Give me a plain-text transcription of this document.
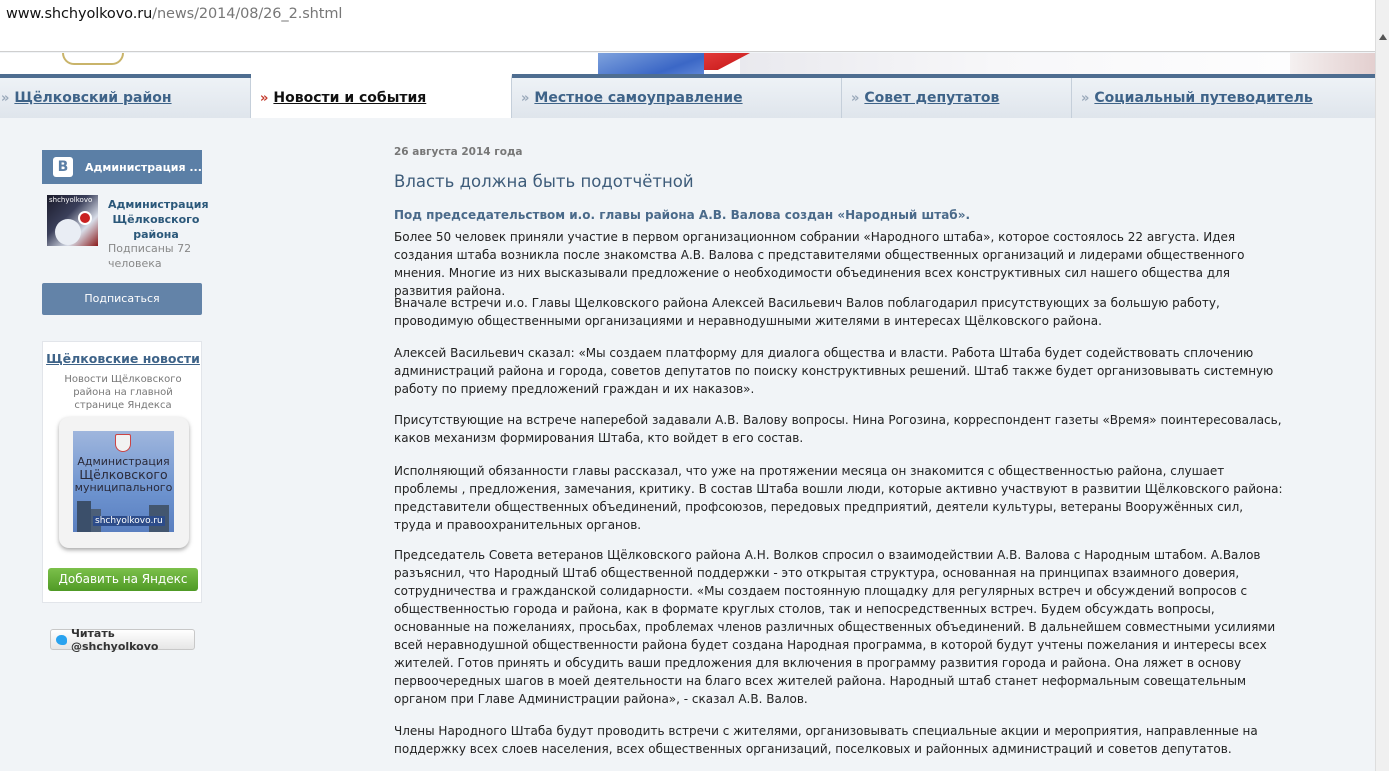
www.shchyolkovo.ru/news/2014/08/26_2.shtml
» Щёлковский район	» Новости и события	» Местное самоуправление	» Совет депутатов	» Социальный путеводитель
B	Администрация ...
shchyolkovo Администрация Щёлковского района
Подписаны 72 человека
Подписаться
Щёлковские новости
Новости Щёлковского района на главной странице Яндекса
Администрация
Щёлковского
муниципального
shchyolkovo.ru
Добавить на Яндекс
Читать @shchyolkovo
26 августа 2014 года
Власть должна быть подотчётной
Под председательством и.о. главы района А.В. Валова создан «Народный штаб».

Более 50 человек приняли участие в первом организационном собрании «Народного штаба», которое состоялось 22 августа. Идея создания штаба возникла после знакомства А.В. Валова с представителями общественных организаций и лидерами общественного мнения. Многие из них высказывали предложение о необходимости объединения всех конструктивных сил нашего общества для развития района.

Вначале встречи и.о. Главы Щелковского района Алексей Васильевич Валов поблагодарил присутствующих за большую работу, проводимую общественными организациями и неравнодушными жителями в интересах Щёлковского района.

Алексей Васильевич сказал: «Мы создаем платформу для диалога общества и власти. Работа Штаба будет содействовать сплочению администраций района и города, советов депутатов по поиску конструктивных решений. Штаб также будет организовывать системную работу по приему предложений граждан и их наказов».

Присутствующие на встрече наперебой задавали А.В. Валову вопросы. Нина Рогозина, корреспондент газеты «Время» поинтересовалась, каков механизм формирования Штаба, кто войдет в его состав.

Исполняющий обязанности главы рассказал, что уже на протяжении месяца он знакомится с общественностью района, слушает проблемы , предложения, замечания, критику. В состав Штаба вошли люди, которые активно участвуют в развитии Щёлковского района: представители общественных объединений, профсоюзов, передовых предприятий, деятели культуры, ветераны Вооружённых сил, труда и правоохранительных органов.

Председатель Совета ветеранов Щёлковского района А.Н. Волков спросил о взаимодействии А.В. Валова с Народным штабом. А.Валов разъяснил, что Народный Штаб общественной поддержки - это открытая структура, основанная на принципах взаимного доверия, сотрудничества и гражданской солидарности. «Мы создаем постоянную площадку для регулярных встреч и обсуждений вопросов с общественностью города и района, как в формате круглых столов, так и непосредственных встреч. Будем обсуждать вопросы, основанные на пожеланиях, просьбах, проблемах членов различных общественных объединений. В дальнейшем совместными усилиями всей неравнодушной общественности района будет создана Народная программа, в которой будут учтены пожелания и интересы всех жителей. Готов принять и обсудить ваши предложения для включения в программу развития города и района. Она ляжет в основу первоочередных шагов в моей деятельности на благо всех жителей района. Народный штаб станет неформальным совещательным органом при Главе Администрации района», - сказал А.В. Валов.

Члены Народного Штаба будут проводить встречи с жителями, организовывать специальные акции и мероприятия, направленные на поддержку всех слоев населения, всех общественных организаций, поселковых и районных администраций и советов депутатов.
